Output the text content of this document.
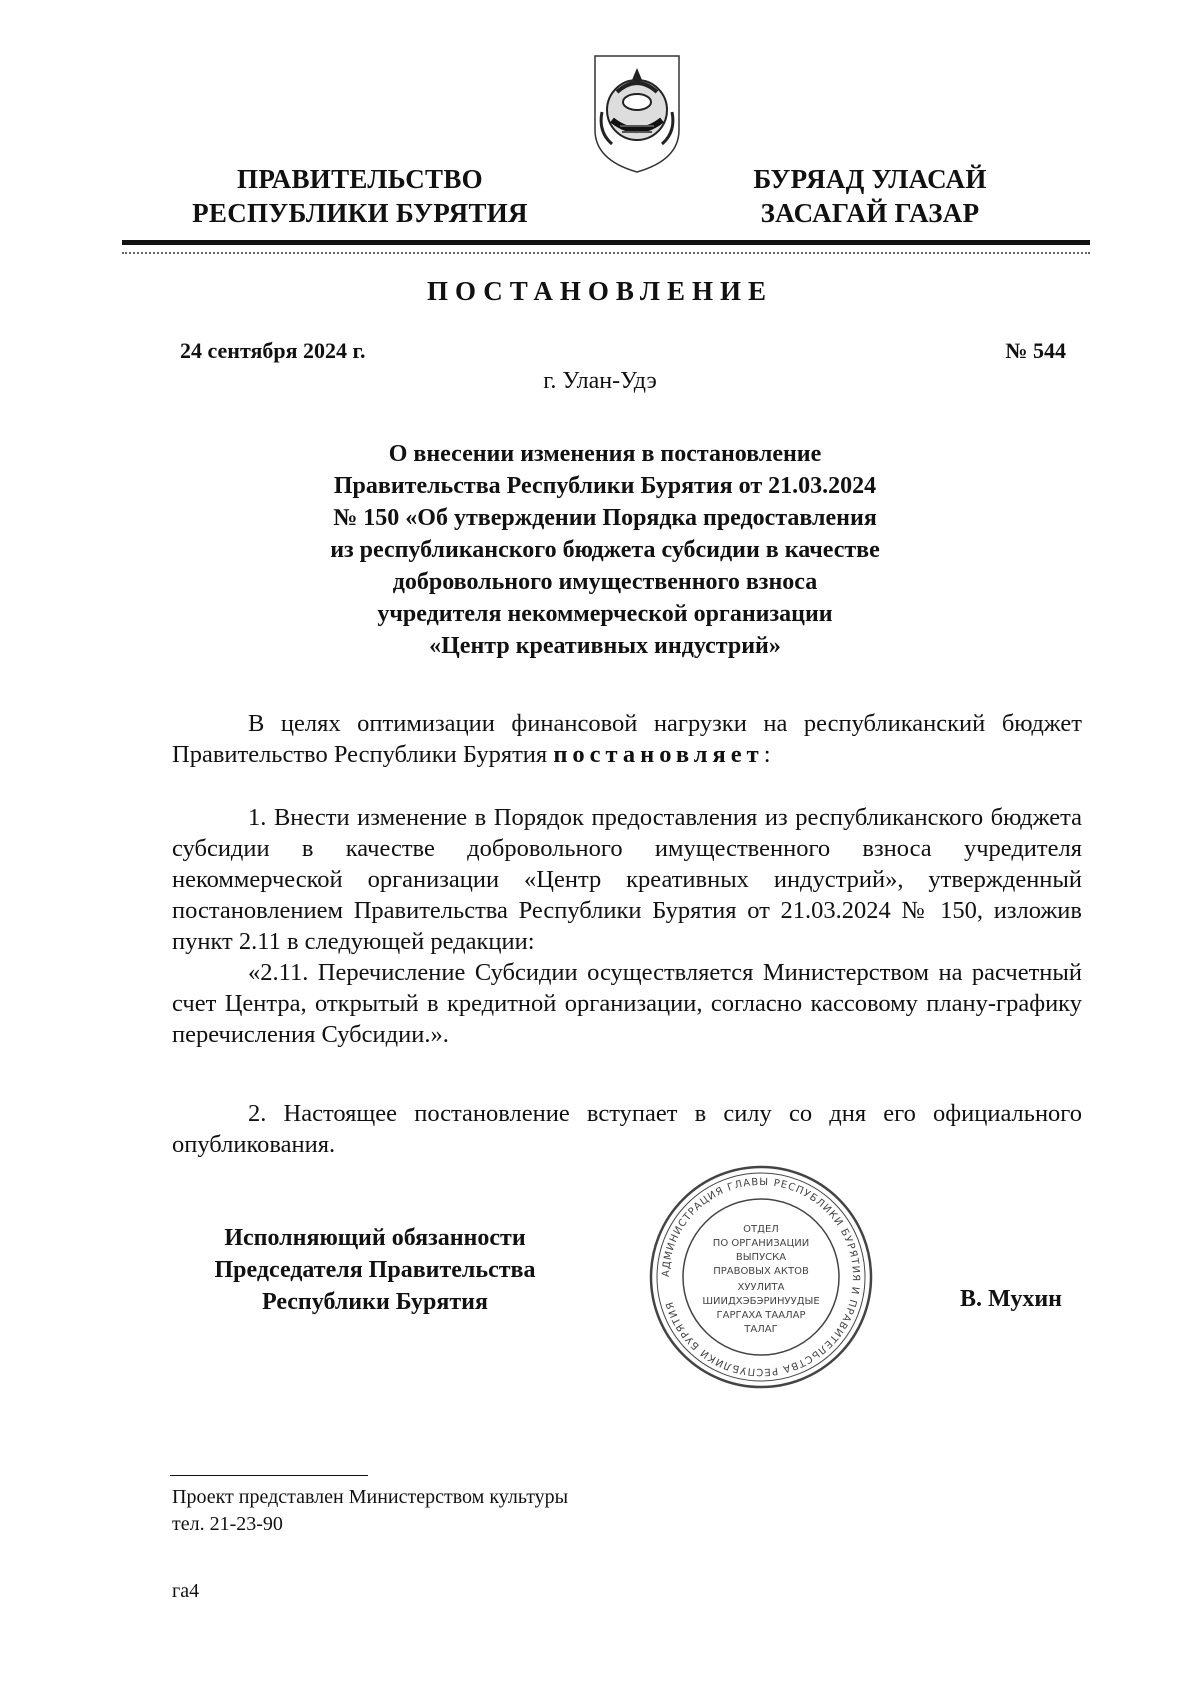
ПРАВИТЕЛЬСТВО
РЕСПУБЛИКИ БУРЯТИЯ
БУРЯАД УЛАСАЙ
ЗАСАГАЙ ГАЗАР
ПОСТАНОВЛЕНИЕ
24 сентября 2024 г.	№ 544
г. Улан-Удэ
О внесении изменения в постановление
Правительства Республики Бурятия от 21.03.2024
№ 150 «Об утверждении Порядка предоставления
из республиканского бюджета субсидии в качестве
добровольного имущественного взноса
учредителя некоммерческой организации
«Центр креативных индустрий»
В целях оптимизации финансовой нагрузки на республиканский бюджет Правительство Республики Бурятия постановляет:
1. Внести изменение в Порядок предоставления из республиканского бюджета субсидии в качестве добровольного имущественного взноса учредителя некоммерческой организации «Центр креативных индустрий», утвержденный постановлением Правительства Республики Бурятия от 21.03.2024 № 150, изложив пункт 2.11 в следующей редакции:
«2.11. Перечисление Субсидии осуществляется Министерством на расчетный счет Центра, открытый в кредитной организации, согласно кассовому плану-графику перечисления Субсидии.».
2. Настоящее постановление вступает в силу со дня его официального опубликования.
Исполняющий обязанности
Председателя Правительства
Республики Бурятия
АДМИНИСТРАЦИЯ ГЛАВЫ РЕСПУБЛИКИ БУРЯТИЯ И ПРАВИТЕЛЬСТВА РЕСПУБЛИКИ БУРЯТИЯ
ОТДЕЛ
ПО ОРГАНИЗАЦИИ
ВЫПУСКА
ПРАВОВЫХ АКТОВ
ХУУЛИТА
ШИИДХЭБЭРИНУУДЫЕ
ГАРГАХА ТААЛАР
ТАЛАГ
В. Мухин
Проект представлен Министерством культуры
тел. 21-23-90
га4
